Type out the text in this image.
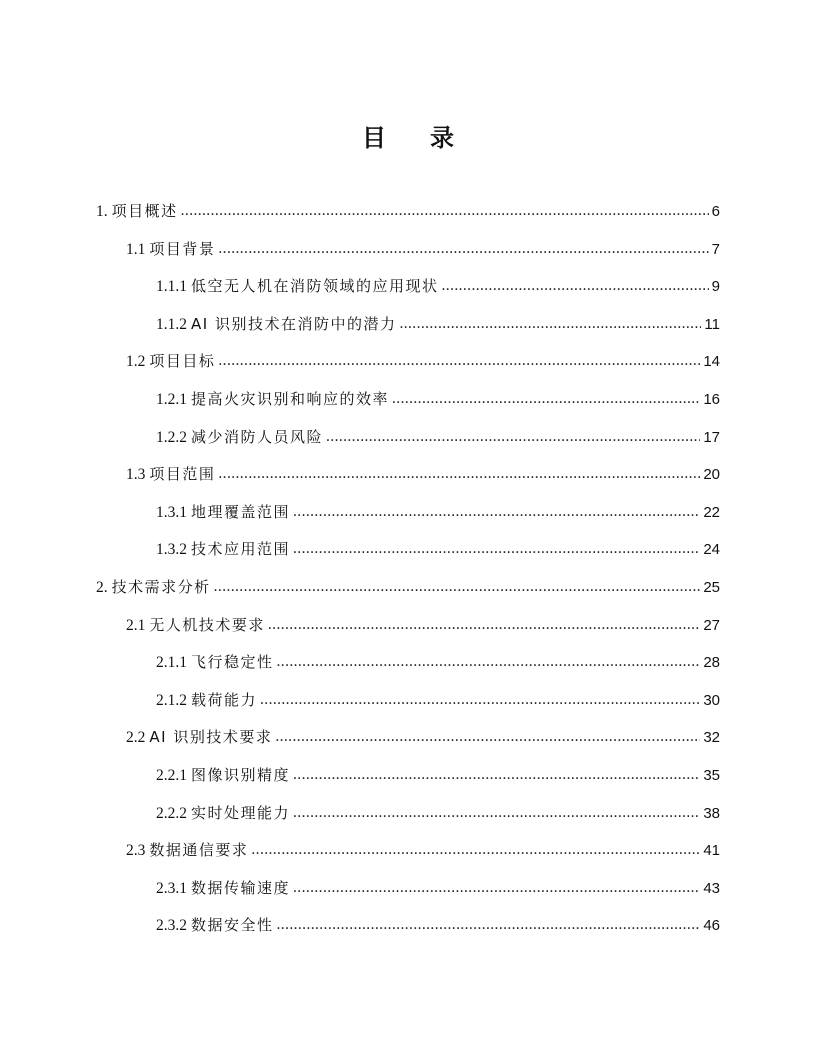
目 录
1. 项目概述 .....	6
1.1 项目背景 .....	7
1.1.1 低空无人机在消防领域的应用现状 .....	9
1.1.2 AI 识别技术在消防中的潜力 .....	11
1.2 项目目标 .....	14
1.2.1 提高火灾识别和响应的效率 .....	16
1.2.2 减少消防人员风险 .....	17
1.3 项目范围 .....	20
1.3.1 地理覆盖范围 .....	22
1.3.2 技术应用范围 .....	24
2. 技术需求分析 .....	25
2.1 无人机技术要求 .....	27
2.1.1 飞行稳定性 .....	28
2.1.2 载荷能力 .....	30
2.2 AI 识别技术要求 .....	32
2.2.1 图像识别精度 .....	35
2.2.2 实时处理能力 .....	38
2.3 数据通信要求 .....	41
2.3.1 数据传输速度 .....	43
2.3.2 数据安全性 .....	46
